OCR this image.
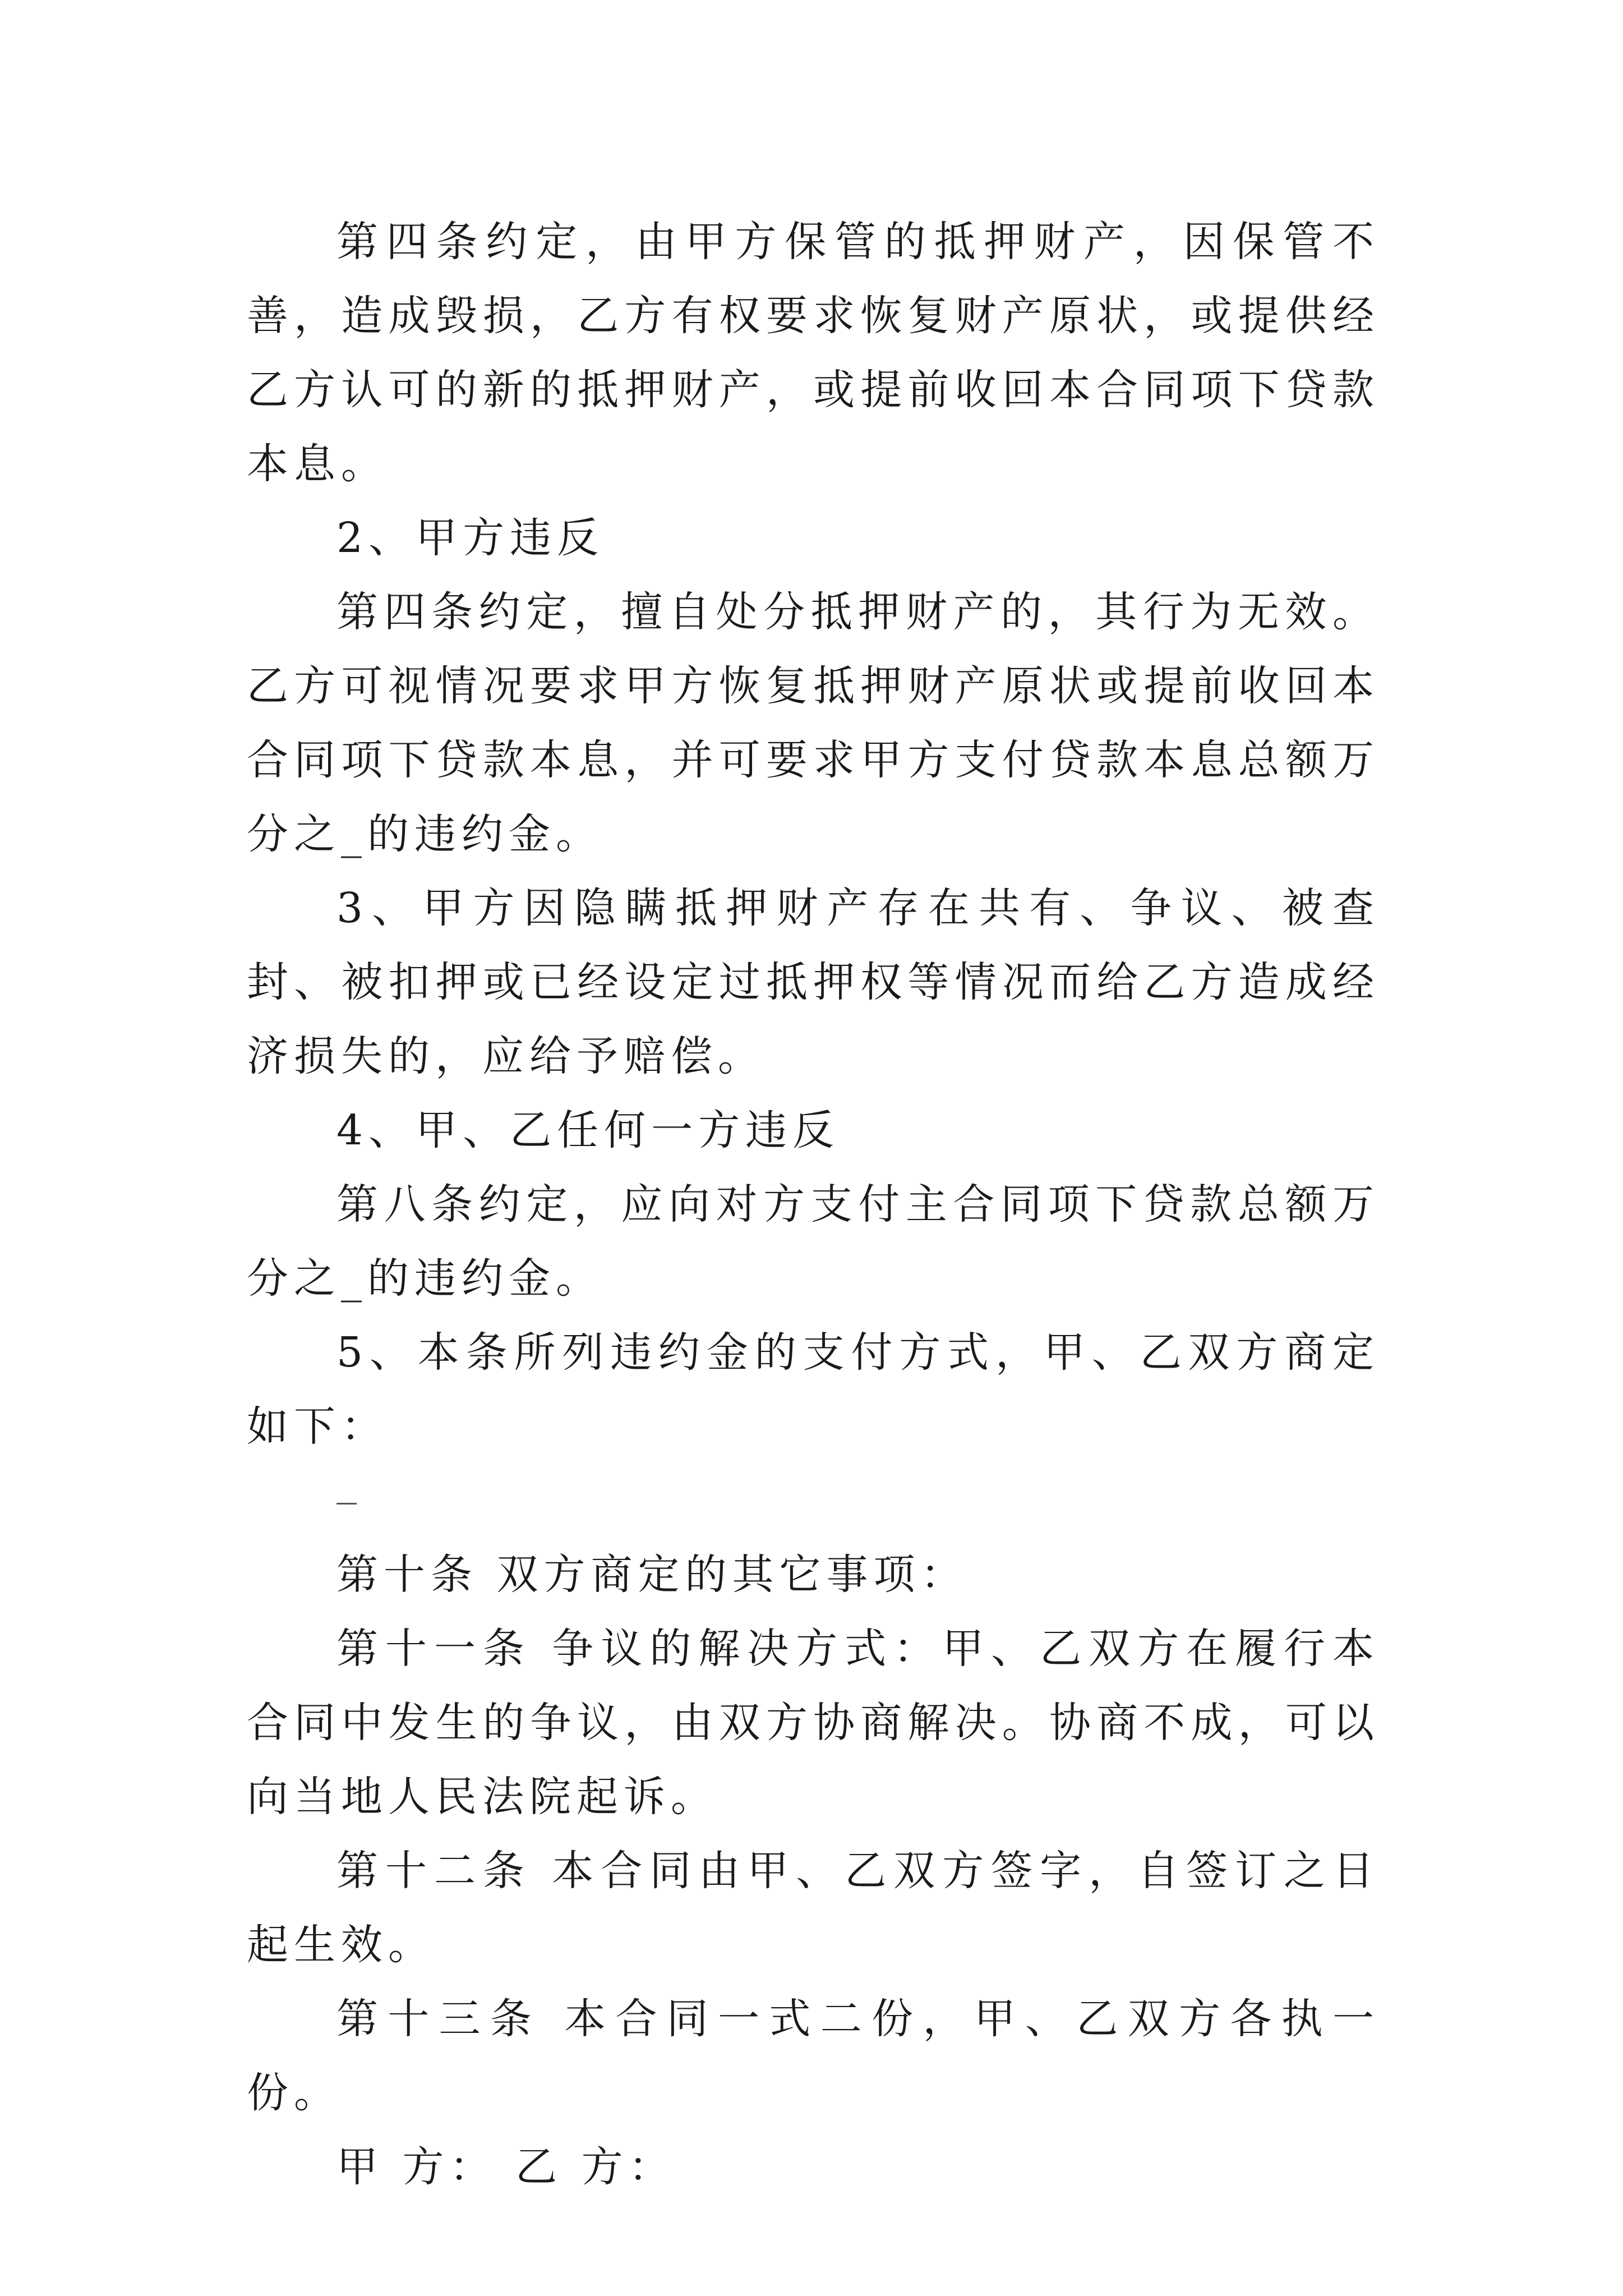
第四条约定，由甲方保管的抵押财产，因保管不善，造成毁损，乙方有权要求恢复财产原状，或提供经乙方认可的新的抵押财产，或提前收回本合同项下贷款本息。

2、甲方违反

第四条约定，擅自处分抵押财产的，其行为无效。乙方可视情况要求甲方恢复抵押财产原状或提前收回本合同项下贷款本息，并可要求甲方支付贷款本息总额万分之_的违约金。

3、甲方因隐瞒抵押财产存在共有、争议、被查封、被扣押或已经设定过抵押权等情况而给乙方造成经济损失的，应给予赔偿。

4、甲、乙任何一方违反

第八条约定，应向对方支付主合同项下贷款总额万分之_的违约金。

5、本条所列违约金的支付方式，甲、乙双方商定如下：

第十条 双方商定的其它事项：

第十一条 争议的解决方式：甲、乙双方在履行本合同中发生的争议，由双方协商解决。协商不成，可以向当地人民法院起诉。

第十二条 本合同由甲、乙双方签字，自签订之日起生效。

第十三条 本合同一式二份，甲、乙双方各执一份。

甲 方： 乙 方：
